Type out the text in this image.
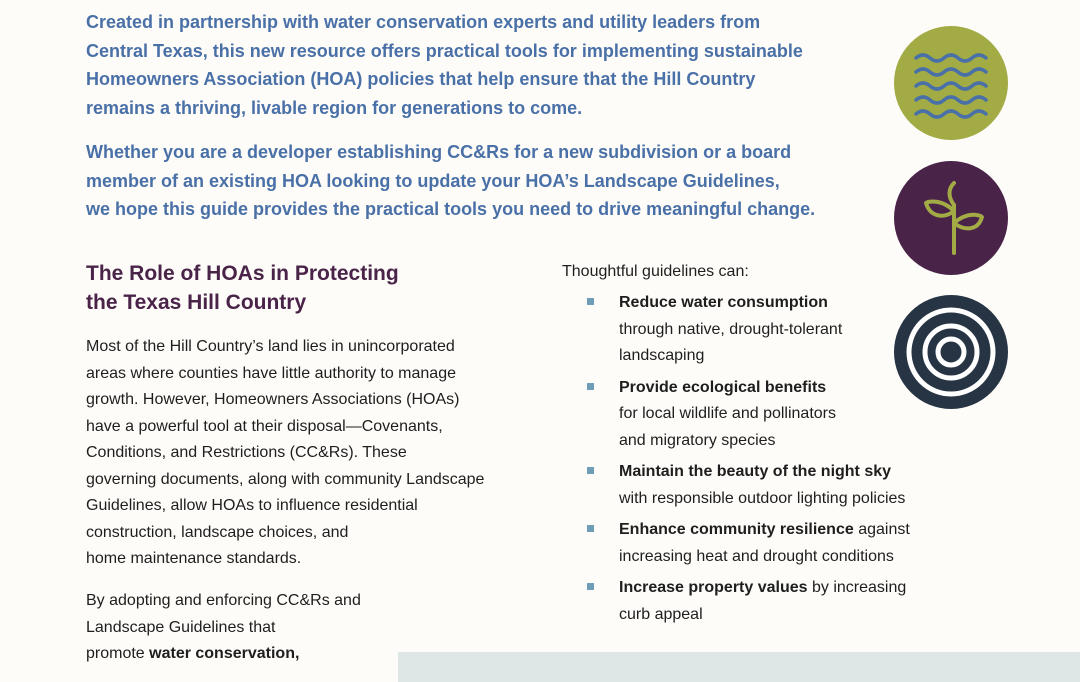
Created in partnership with water conservation experts and utility leaders from

Central Texas, this new resource offers practical tools for implementing sustainable

Homeowners Association (HOA) policies that help ensure that the Hill Country

remains a thriving, livable region for generations to come.

Whether you are a developer establishing CC&Rs for a new subdivision or a board

member of an existing HOA looking to update your HOA’s Landscape Guidelines,

we hope this guide provides the practical tools you need to drive meaningful change.

The Role of HOAs in Protecting
the Texas Hill Country
Most of the Hill Country’s land lies in unincorporated
areas where counties have little authority to manage
growth. However, Homeowners Associations (HOAs)
have a powerful tool at their disposal—Covenants,
Conditions, and Restrictions (CC&Rs). These
governing documents, along with community Landscape
Guidelines, allow HOAs to influence residential
construction, landscape choices, and
home maintenance standards.
By adopting and enforcing CC&Rs and
Landscape Guidelines that
promote water conservation,
Thoughtful guidelines can:
Reduce water consumption
through native, drought-tolerant
landscaping
Provide ecological benefits
for local wildlife and pollinators
and migratory species
Maintain the beauty of the night sky
with responsible outdoor lighting policies
Enhance community resilience against
increasing heat and drought conditions
Increase property values by increasing
curb appeal
